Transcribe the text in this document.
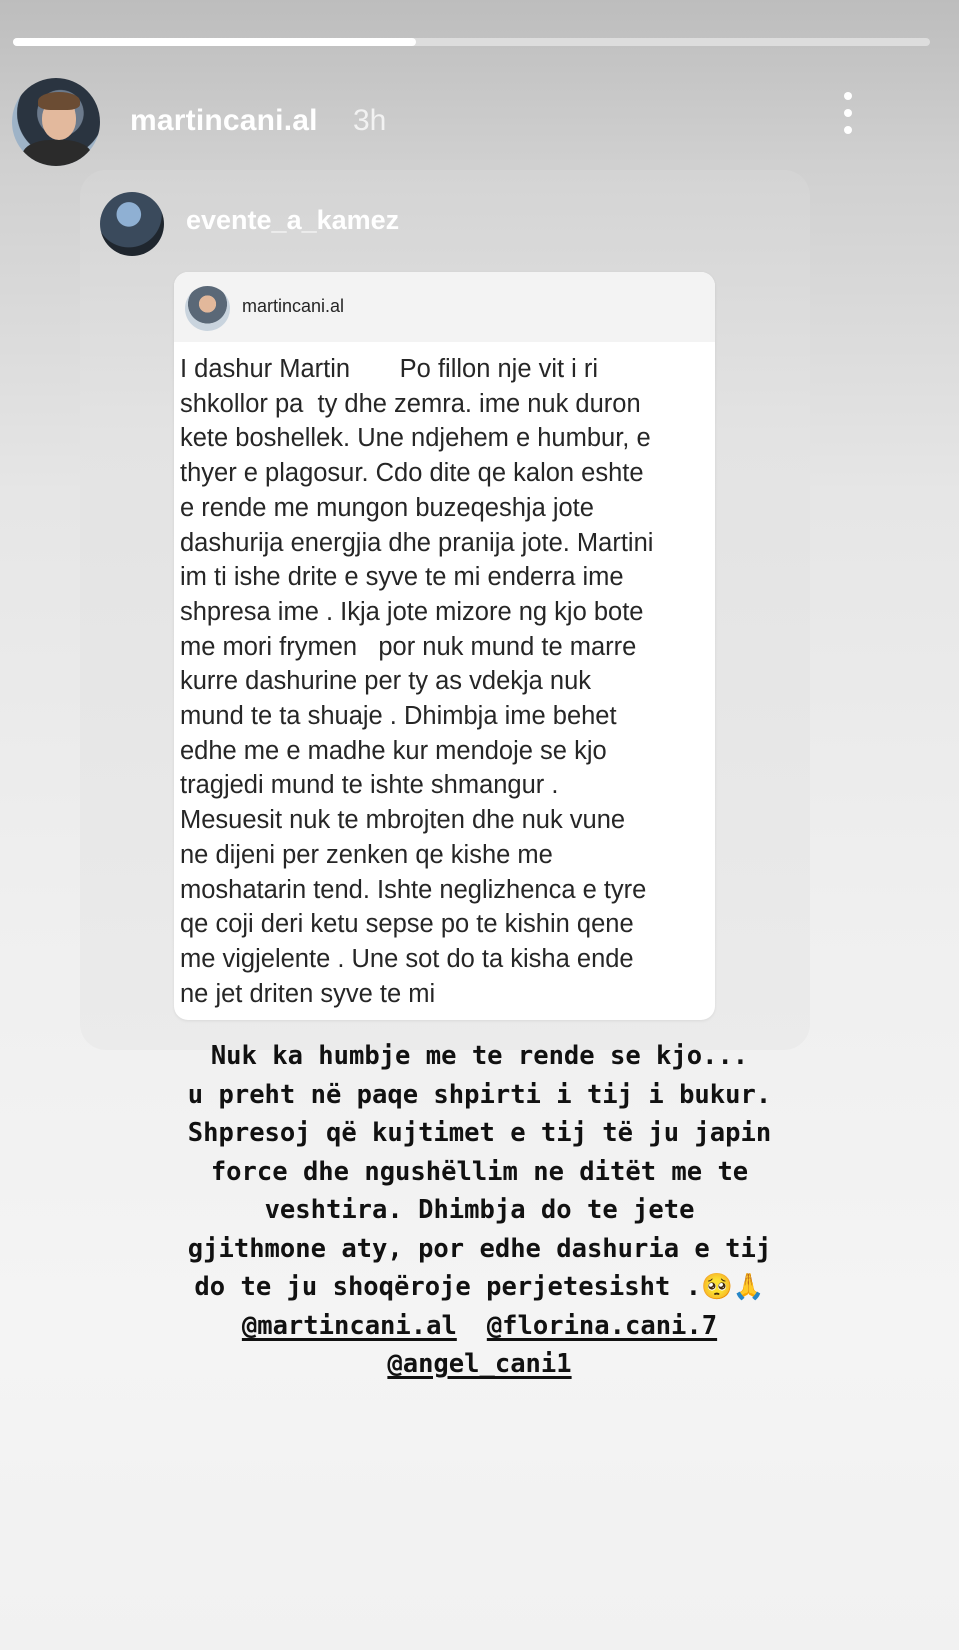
martincani.al 3h
evente_a_kamez
martincani.al
I dashur Martin       Po fillon nje vit i ri
shkollor pa  ty dhe zemra. ime nuk duron
kete boshellek. Une ndjehem e humbur, e
thyer e plagosur. Cdo dite qe kalon eshte
e rende me mungon buzeqeshja jote
dashurija energjia dhe pranija jote. Martini
im ti ishe drite e syve te mi enderra ime
shpresa ime . Ikja jote mizore ng kjo bote
me mori frymen   por nuk mund te marre
kurre dashurine per ty as vdekja nuk
mund te ta shuaje . Dhimbja ime behet
edhe me e madhe kur mendoje se kjo
tragjedi mund te ishte shmangur .
Mesuesit nuk te mbrojten dhe nuk vune
ne dijeni per zenken qe kishe me
moshatarin tend. Ishte neglizhenca e tyre
qe coji deri ketu sepse po te kishin qene
me vigjelente . Une sot do ta kisha ende
ne jet driten syve te mi
Nuk ka humbje me te rende se kjo...
u preht në paqe shpirti i tij i bukur.
Shpresoj që kujtimet e tij të ju japin
force dhe ngushëllim ne ditët me te
veshtira. Dhimbja do te jete
gjithmone aty, por edhe dashuria e tij
do te ju shoqëroje perjetesisht .🥺🙏
@martincani.al @florina.cani.7
@angel_cani1
